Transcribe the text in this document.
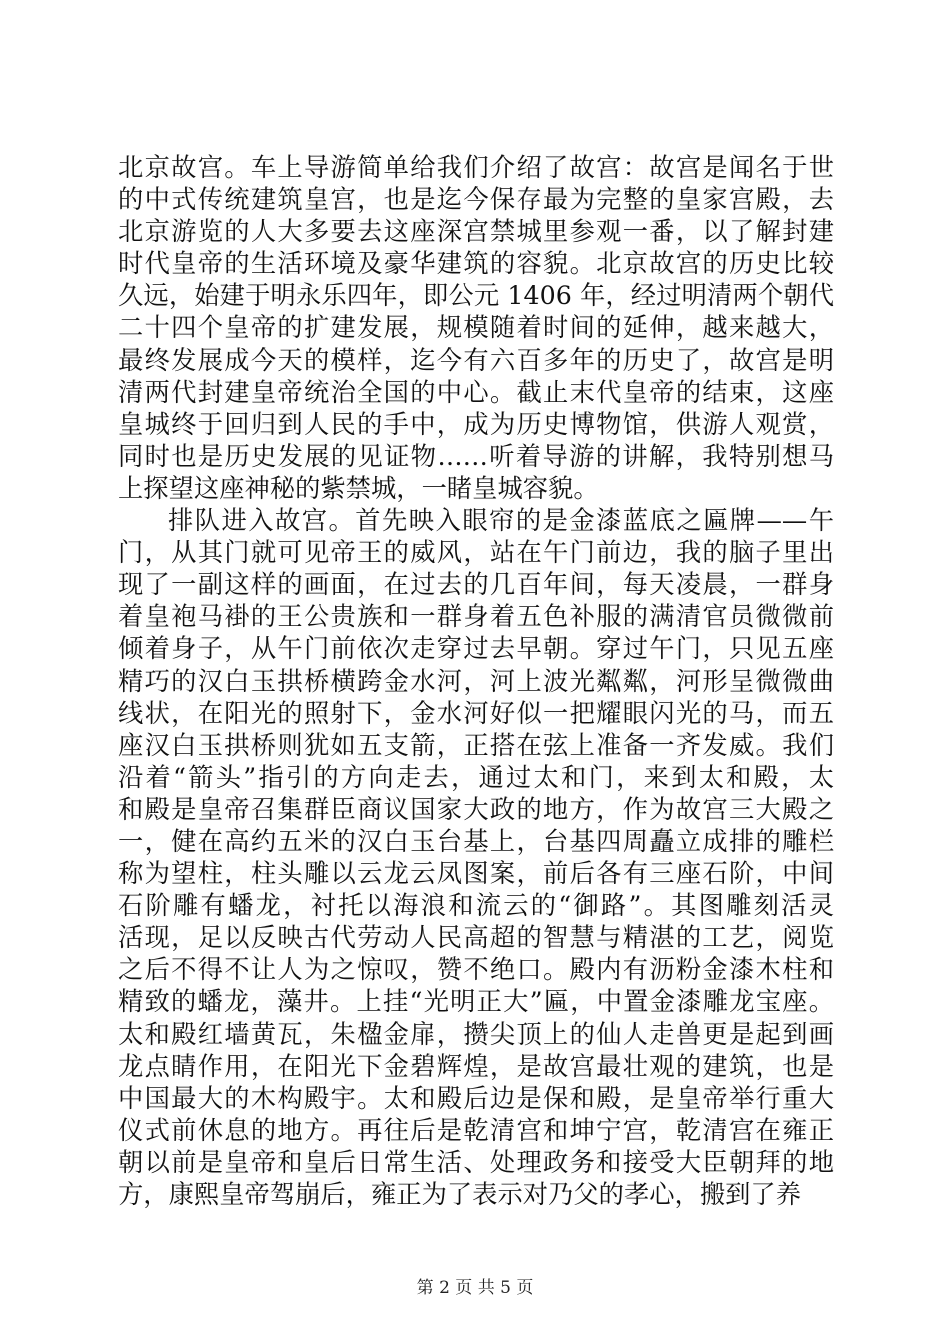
北京故宫。车上导游简单给我们介绍了故宫：故宫是闻名于世
的中式传统建筑皇宫，也是迄今保存最为完整的皇家宫殿，去
北京游览的人大多要去这座深宫禁城里参观一番，以了解封建
时代皇帝的生活环境及豪华建筑的容貌。北京故宫的历史比较
久远，始建于明永乐四年，即公元 1406 年，经过明清两个朝代
二十四个皇帝的扩建发展，规模随着时间的延伸，越来越大，
最终发展成今天的模样，迄今有六百多年的历史了，故宫是明
清两代封建皇帝统治全国的中心。截止末代皇帝的结束，这座
皇城终于回归到人民的手中，成为历史博物馆，供游人观赏，
同时也是历史发展的见证物……听着导游的讲解，我特别想马
上探望这座神秘的紫禁城，一睹皇城容貌。
排队进入故宫。首先映入眼帘的是金漆蓝底之匾牌——午
门，从其门就可见帝王的威风，站在午门前边，我的脑子里出
现了一副这样的画面，在过去的几百年间，每天凌晨，一群身
着皇袍马褂的王公贵族和一群身着五色补服的满清官员微微前
倾着身子，从午门前依次走穿过去早朝。穿过午门，只见五座
精巧的汉白玉拱桥横跨金水河，河上波光粼粼，河形呈微微曲
线状，在阳光的照射下，金水河好似一把耀眼闪光的马，而五
座汉白玉拱桥则犹如五支箭，正搭在弦上准备一齐发威。我们
沿着“箭头”指引的方向走去，通过太和门，来到太和殿，太
和殿是皇帝召集群臣商议国家大政的地方，作为故宫三大殿之
一，健在高约五米的汉白玉台基上，台基四周矗立成排的雕栏
称为望柱，柱头雕以云龙云凤图案，前后各有三座石阶，中间
石阶雕有蟠龙，衬托以海浪和流云的“御路”。其图雕刻活灵
活现，足以反映古代劳动人民高超的智慧与精湛的工艺，阅览
之后不得不让人为之惊叹，赞不绝口。殿内有沥粉金漆木柱和
精致的蟠龙，藻井。上挂“光明正大”匾，中置金漆雕龙宝座。
太和殿红墙黄瓦，朱楹金扉，攒尖顶上的仙人走兽更是起到画
龙点睛作用，在阳光下金碧辉煌，是故宫最壮观的建筑，也是
中国最大的木构殿宇。太和殿后边是保和殿，是皇帝举行重大
仪式前休息的地方。再往后是乾清宫和坤宁宫，乾清宫在雍正
朝以前是皇帝和皇后日常生活、处理政务和接受大臣朝拜的地
方，康熙皇帝驾崩后，雍正为了表示对乃父的孝心，搬到了养
第 2 页 共 5 页
